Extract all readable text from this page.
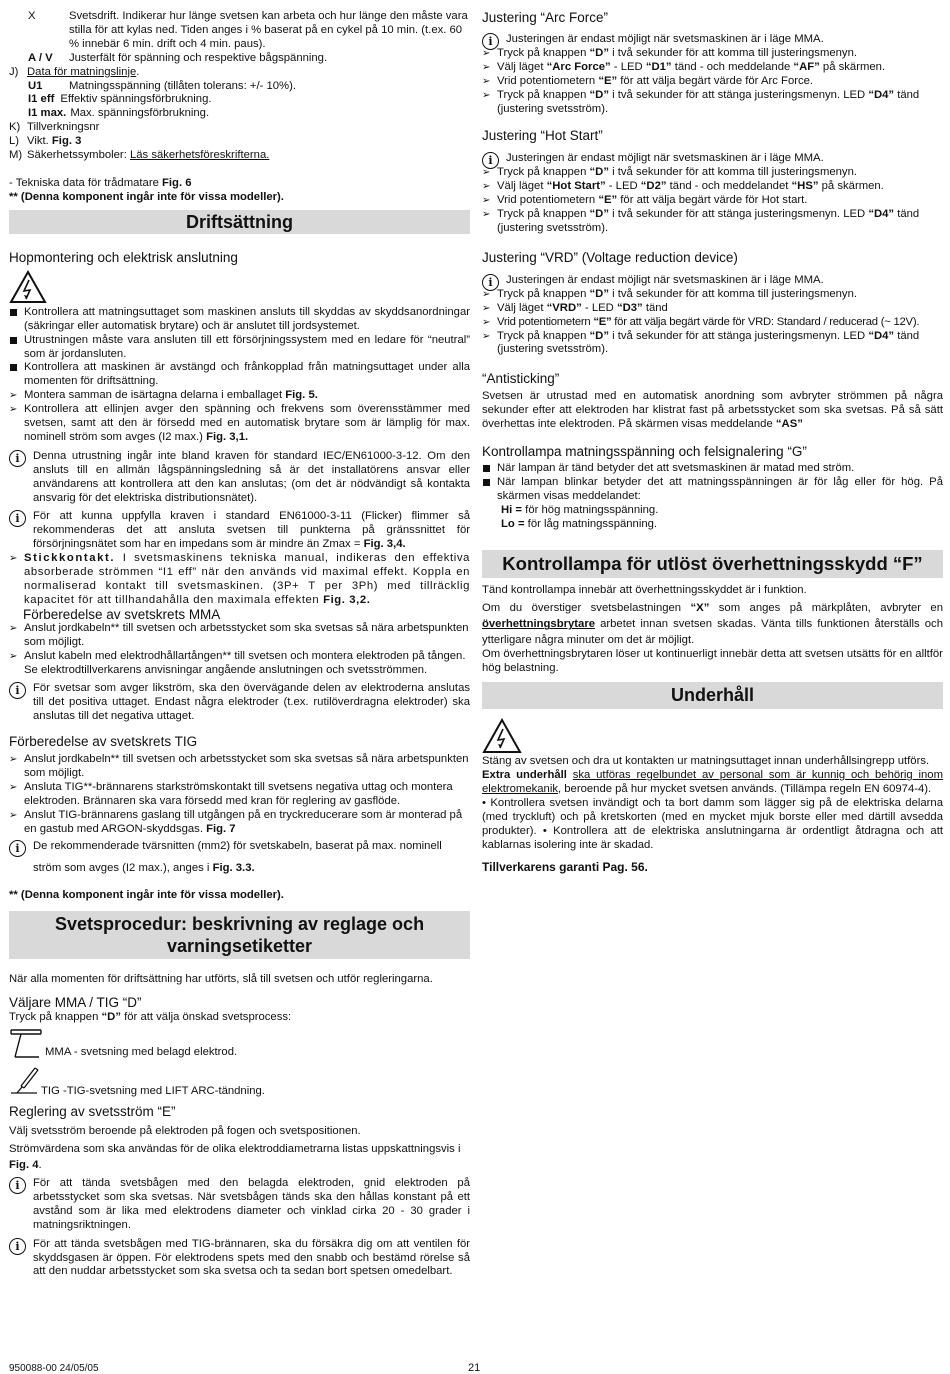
X	Svetsdrift. Indikerar hur länge svetsen kan arbeta och hur länge den måste vara stilla för att kylas ned. Tiden anges i % baserat på en cykel på 10 min. (t.ex. 60 % innebär 6 min. drift och 4 min. paus).
A / V	Justerfält för spänning och respektive bågspänning.
J) Data för matningslinje.
U1	Matningsspänning (tillåten tolerans: +/- 10%).
I1 eff Effektiv spänningsförbrukning.
I1 max. Max. spänningsförbrukning.
K) Tillverkningsnr
L) Vikt. Fig. 3
M) Säkerhetssymboler: Läs säkerhetsföreskrifterna.

- Tekniska data för trådmatare Fig. 6

** (Denna komponent ingår inte för vissa modeller).

Driftsättning
Hopmontering och elektrisk anslutning
Kontrollera att matningsuttaget som maskinen ansluts till skyddas av skyddsanordningar (säkringar eller automatisk brytare) och är anslutet till jordsystemet.
Utrustningen måste vara ansluten till ett försörjningssystem med en ledare för “neutral” som är jordansluten.
Kontrollera att maskinen är avstängd och frånkopplad från matningsuttaget under alla momenten för driftsättning.
➢ Montera samman de isärtagna delarna i emballaget Fig. 5.
➢ Kontrollera att ellinjen avger den spänning och frekvens som överensstämmer med svetsen, samt att den är försedd med en automatisk brytare som är lämplig för max. nominell ström som avges (I2 max.) Fig. 3,1.
i	Denna utrustning ingår inte bland kraven för standard IEC/EN61000-3-12. Om den ansluts till en allmän lågspänningsledning så är det installatörens ansvar eller användarens att kontrollera att den kan anslutas; (om det är nödvändigt så kontakta ansvarig för det elektriska distributionsnätet).
i	För att kunna uppfylla kraven i standard EN61000-3-11 (Flicker) flimmer så rekommenderas det att ansluta svetsen till punkterna på gränssnittet för försörjningsnätet som har en impedans som är mindre än Zmax = Fig. 3,4.
➢ Stickkontakt. I svetsmaskinens tekniska manual, indikeras den effektiva absorberade strömmen “I1 eff” när den används vid maximal effekt. Koppla en normaliserad kontakt till svetsmaskinen. (3P+ T per 3Ph) med tillräcklig kapacitet för att tillhandahålla den maximala effekten Fig. 3,2.
Förberedelse av svetskrets MMA
➢ Anslut jordkabeln** till svetsen och arbetsstycket som ska svetsas så nära arbetspunkten som möjligt.
➢ Anslut kabeln med elektrodhållartången** till svetsen och montera elektroden på tången. Se elektrodtillverkarens anvisningar angående anslutningen och svetsströmmen.
i	För svetsar som avger likström, ska den övervägande delen av elektroderna anslutas till det positiva uttaget. Endast några elektroder (t.ex. rutilöverdragna elektroder) ska anslutas till det negativa uttaget.
Förberedelse av svetskrets TIG
➢ Anslut jordkabeln** till svetsen och arbetsstycket som ska svetsas så nära arbetspunkten som möjligt.
➢ Ansluta TIG**-brännarens starkströmskontakt till svetsens negativa uttag och montera elektroden. Brännaren ska vara försedd med kran för reglering av gasflöde.
➢ Anslut TIG-brännarens gaslang till utgången på en tryckreducerare som är monterad på en gastub med ARGON-skyddsgas. Fig. 7
i	De rekommenderade tvärsnitten (mm2) för svetskabeln, baserat på max. nominell

ström som avges (I2 max.), anges i Fig. 3.3.

** (Denna komponent ingår inte för vissa modeller).

Svetsprocedur: beskrivning av reglage och varningsetiketter

När alla momenten för driftsättning har utförts, slå till svetsen och utför regleringarna.

Väljare MMA / TIG “D”

Tryck på knappen “D” för att välja önskad svetsprocess:

MMA - svetsning med belagd elektrod.
TIG -TIG-svetsning med LIFT ARC-tändning.
Reglering av svetsström “E”

Välj svetsström beroende på elektroden på fogen och svetspositionen.

Strömvärdena som ska användas för de olika elektroddiametrarna listas uppskattningsvis i Fig. 4.

i	För att tända svetsbågen med den belagda elektroden, gnid elektroden på arbetsstycket som ska svetsas. När svetsbågen tänds ska den hållas konstant på ett avstånd som är lika med elektrodens diameter och vinklad cirka 20 - 30 grader i matningsriktningen.
i	För att tända svetsbågen med TIG-brännaren, ska du försäkra dig om att ventilen för skyddsgasen är öppen. För elektrodens spets med den snabb och bestämd rörelse så att den nuddar arbetsstycket som ska svetsa och ta sedan bort spetsen omedelbart.
Justering “Arc Force”
i	Justeringen är endast möjligt när svetsmaskinen är i läge MMA.
➢ Tryck på knappen “D” i två sekunder för att komma till justeringsmenyn.
➢ Välj läget “Arc Force” - LED “D1” tänd - och meddelande “AF” på skärmen.
➢ Vrid potentiometern “E” för att välja begärt värde för Arc Force.
➢ Tryck på knappen “D” i två sekunder för att stänga justeringsmenyn. LED “D4” tänd (justering svetsström).
Justering “Hot Start”
i	Justeringen är endast möjligt när svetsmaskinen är i läge MMA.
➢ Tryck på knappen “D” i två sekunder för att komma till justeringsmenyn.
➢ Välj läget “Hot Start” - LED “D2” tänd - och meddelandet “HS” på skärmen.
➢ Vrid potentiometern “E” för att välja begärt värde för Hot start.
➢ Tryck på knappen “D” i två sekunder för att stänga justeringsmenyn. LED “D4” tänd (justering svetsström).
Justering “VRD” (Voltage reduction device)
i	Justeringen är endast möjligt när svetsmaskinen är i läge MMA.
➢ Tryck på knappen “D” i två sekunder för att komma till justeringsmenyn.
➢ Välj läget “VRD” - LED “D3” tänd
➢ Vrid potentiometern “E” för att välja begärt värde för VRD: Standard / reducerad (~ 12V).
➢ Tryck på knappen “D” i två sekunder för att stänga justeringsmenyn. LED “D4” tänd (justering svetsström).
“Antisticking”

Svetsen är utrustad med en automatisk anordning som avbryter strömmen på några sekunder efter att elektroden har klistrat fast på arbetsstycket som ska svetsas. På så sätt överhettas inte elektroden. På skärmen visas meddelande “AS”

Kontrollampa matningsspänning och felsignalering “G”
När lampan är tänd betyder det att svetsmaskinen är matad med ström.
När lampan blinkar betyder det att matningsspänningen är för låg eller för hög. På skärmen visas meddelandet:

Hi = för hög matningsspänning.

Lo = för låg matningsspänning.

Kontrollampa för utlöst överhettningsskydd “F”

Tänd kontrollampa innebär att överhettningsskyddet är i funktion.

Om du överstiger svetsbelastningen “X” som anges på märkplåten, avbryter en överhettningsbrytare arbetet innan svetsen skadas. Vänta tills funktionen återställs och ytterligare några minuter om det är möjligt.

Om överhettningsbrytaren löser ut kontinuerligt innebär detta att svetsen utsätts för en alltför hög belastning.

Underhåll

Stäng av svetsen och dra ut kontakten ur matningsuttaget innan underhållsingrepp utförs.

Extra underhåll ska utföras regelbundet av personal som är kunnig och behörig inom elektromekanik, beroende på hur mycket svetsen används. (Tillämpa regeln EN 60974-4).

• Kontrollera svetsen invändigt och ta bort damm som lägger sig på de elektriska delarna (med tryckluft) och på kretskorten (med en mycket mjuk borste eller med därtill avsedda produkter). • Kontrollera att de elektriska anslutningarna är ordentligt åtdragna och att kablarnas isolering inte är skadad.

Tillverkarens garanti Pag. 56.

950088-00 24/05/05	21
